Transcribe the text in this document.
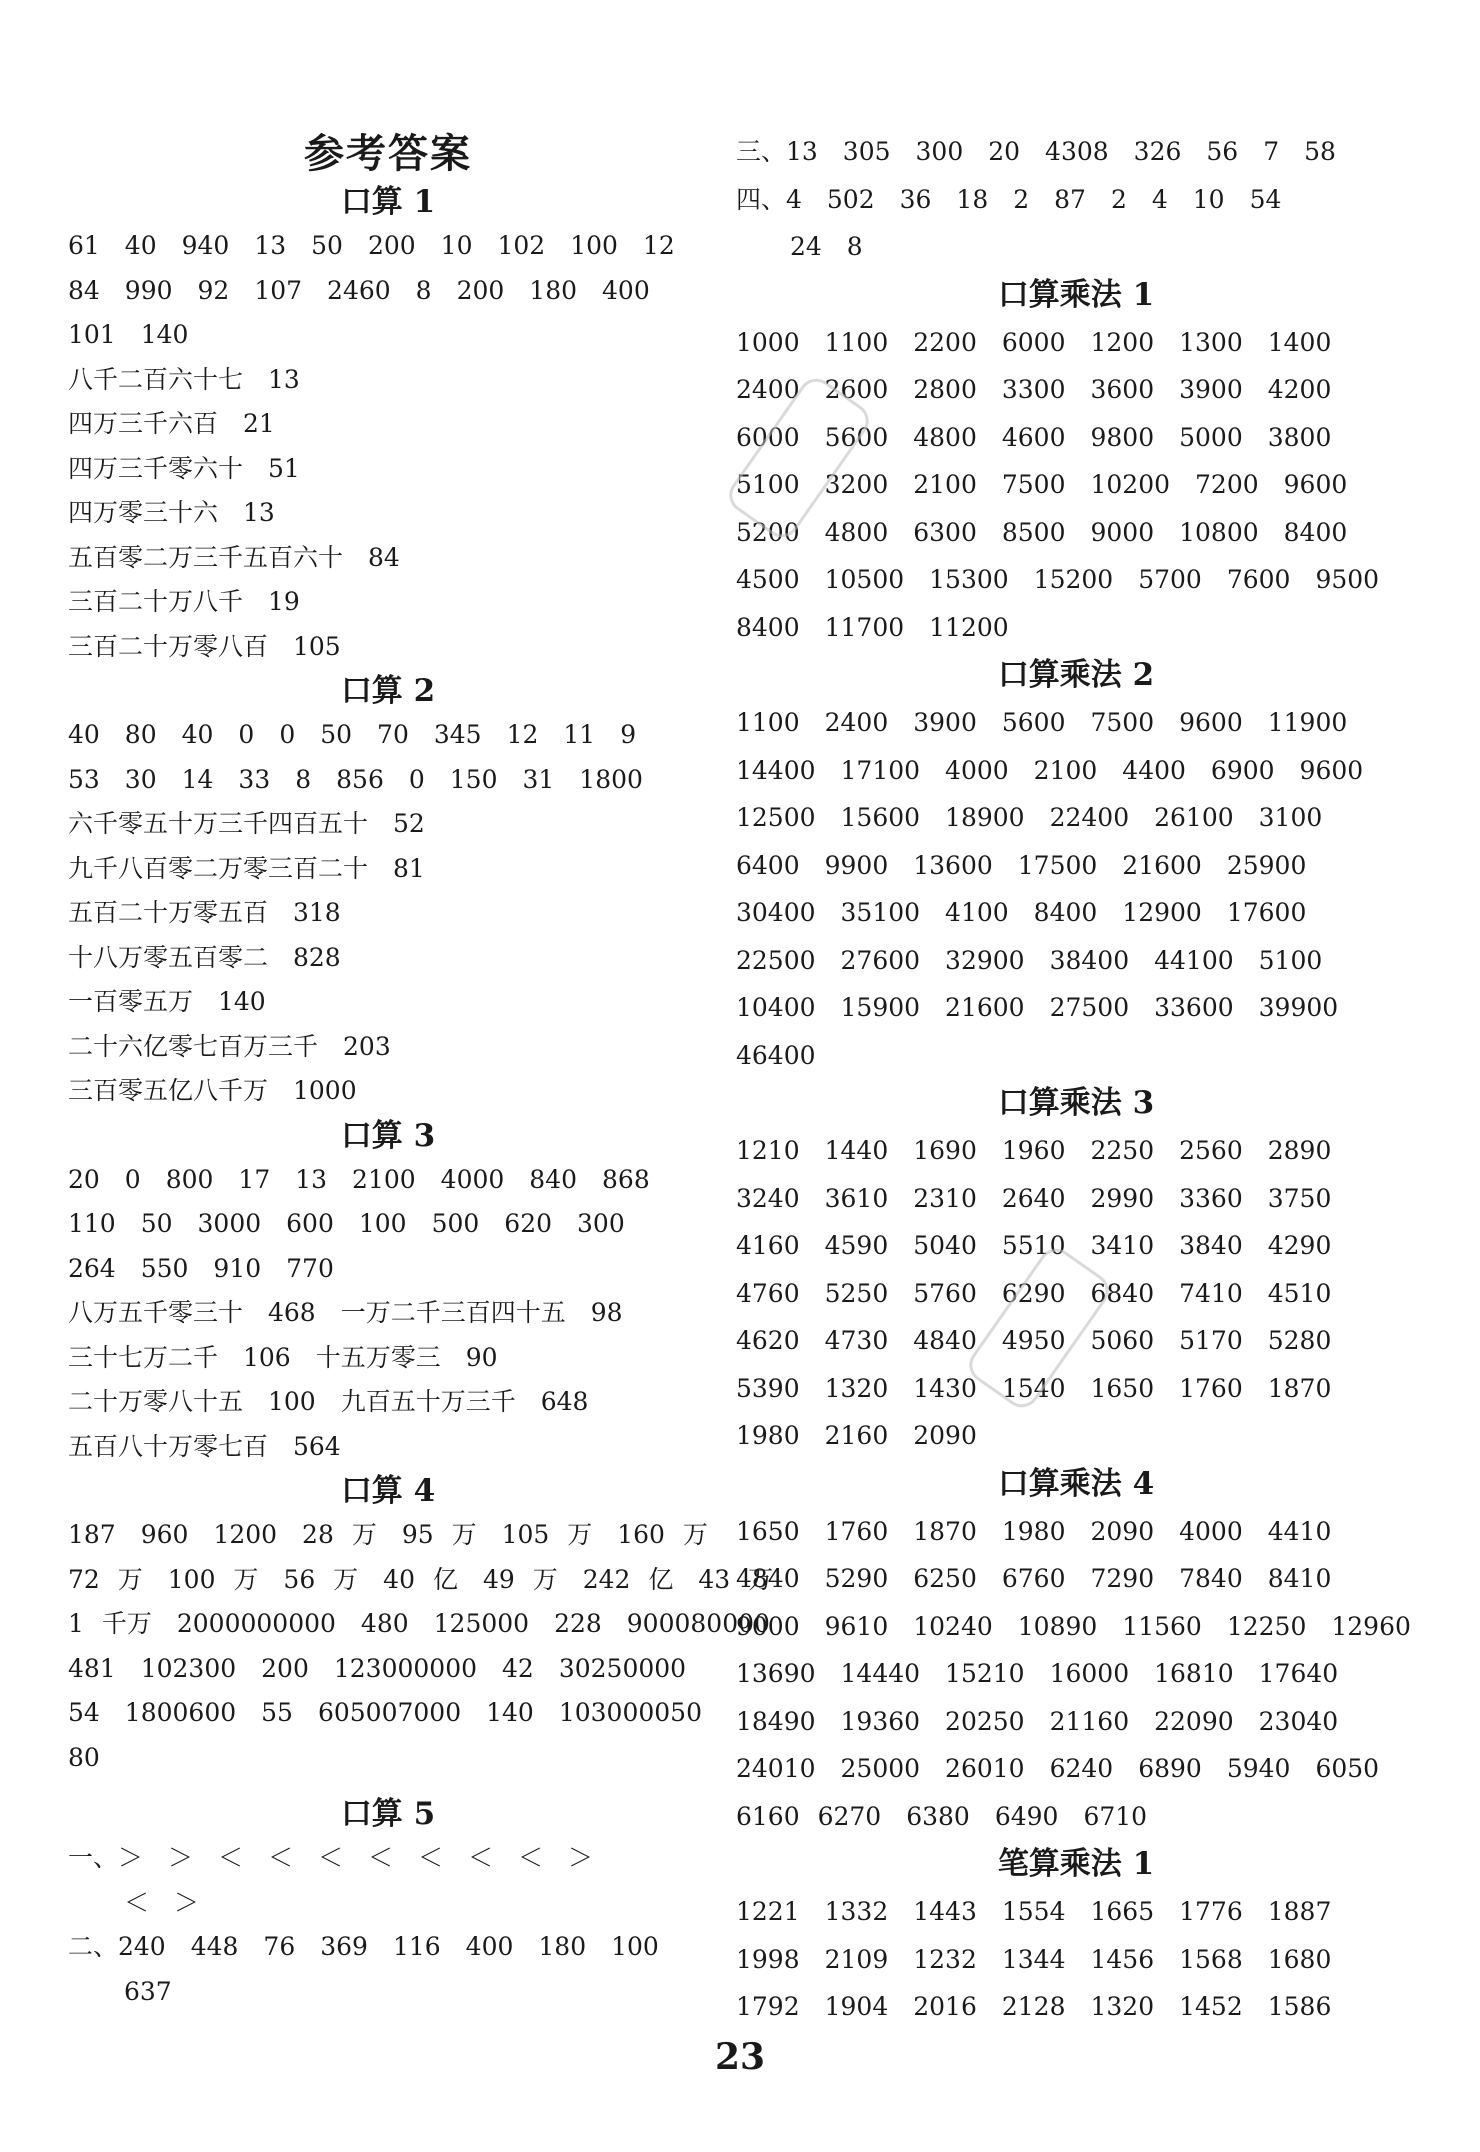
参考答案
口算 1
61　40　940　13　50　200　10　102　100　12
84　990　92　107　2460　8　200　180　400
101　140
八千二百六十七　13
四万三千六百　21
四万三千零六十　51
四万零三十六　13
五百零二万三千五百六十　84
三百二十万八千　19
三百二十万零八百　105
口算 2
40　80　40　0　0　50　70　345　12　11　9
53　30　14　33　8　856　0　150　31　1800
六千零五十万三千四百五十　52
九千八百零二万零三百二十　81
五百二十万零五百　318
十八万零五百零二　828
一百零五万　140
二十六亿零七百万三千　203
三百零五亿八千万　1000
口算 3
20　0　800　17　13　2100　4000　840　868
110　50　3000　600　100　500　620　300
264　550　910　770
八万五千零三十　468　一万二千三百四十五　98
三十七万二千　106　十五万零三　90
二十万零八十五　100　九百五十万三千　648
五百八十万零七百　564
口算 4
187　960　1200　28 万　95 万　105 万　160 万
72 万　100 万　56 万　40 亿　49 万　242 亿　43 万
1 千万　2000000000　480　125000　228　900080000
481　102300　200　123000000　42　30250000
54　1800600　55　605007000　140　103000050
80
口算 5
一、＞　＞　＜　＜　＜　＜　＜　＜　＜　＞
＜　＞
二、240　448　76　369　116　400　180　100
637
三、13　305　300　20　4308　326　56　7　58
四、4　502　36　18　2　87　2　4　10　54
24　8
口算乘法 1
1000　1100　2200　6000　1200　1300　1400
2400　2600　2800　3300　3600　3900　4200
6000　5600　4800　4600　9800　5000　3800
5100　3200　2100　7500　10200　7200　9600
5200　4800　6300　8500　9000　10800　8400
4500　10500　15300　15200　5700　7600　9500
8400　11700　11200
口算乘法 2
1100　2400　3900　5600　7500　9600　11900
14400　17100　4000　2100　4400　6900　9600
12500　15600　18900　22400　26100　3100
6400　9900　13600　17500　21600　25900
30400　35100　4100　8400　12900　17600
22500　27600　32900　38400　44100　5100
10400　15900　21600　27500　33600　39900
46400
口算乘法 3
1210　1440　1690　1960　2250　2560　2890
3240　3610　2310　2640　2990　3360　3750
4160　4590　5040　5510　3410　3840　4290
4760　5250　5760　6290　6840　7410　4510
4620　4730　4840　4950　5060　5170　5280
5390　1320　1430　1540　1650　1760　1870
1980　2160　2090
口算乘法 4
1650　1760　1870　1980　2090　4000　4410
4840　5290　6250　6760　7290　7840　8410
9000　9610　10240　10890　11560　12250　12960
13690　14440　15210　16000　16810　17640
18490　19360　20250　21160　22090　23040
24010　25000　26010　6240　6890　5940　6050
6160 6270　6380　6490　6710
笔算乘法 1
1221　1332　1443　1554　1665　1776　1887
1998　2109　1232　1344　1456　1568　1680
1792　1904　2016　2128　1320　1452　1586
23
